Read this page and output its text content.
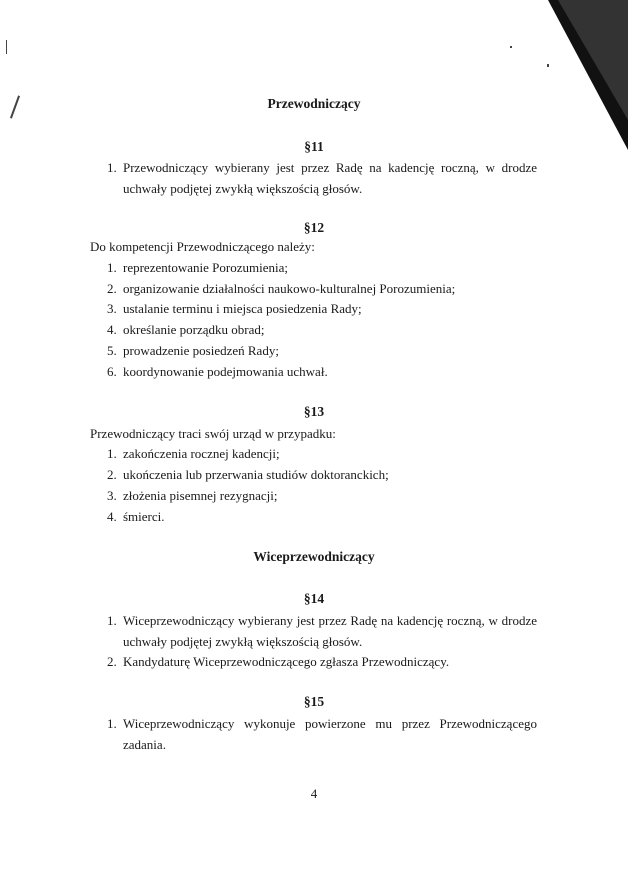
Przewodniczący
§11
1. Przewodniczący wybierany jest przez Radę na kadencję roczną, w drodze
uchwały podjętej zwykłą większością głosów.
§12
Do kompetencji Przewodniczącego należy:
1. reprezentowanie Porozumienia;
2. organizowanie działalności naukowo-kulturalnej Porozumienia;
3. ustalanie terminu i miejsca posiedzenia Rady;
4. określanie porządku obrad;
5. prowadzenie posiedzeń Rady;
6. koordynowanie podejmowania uchwał.
§13
Przewodniczący traci swój urząd w przypadku:
1. zakończenia rocznej kadencji;
2. ukończenia lub przerwania studiów doktoranckich;
3. złożenia pisemnej rezygnacji;
4. śmierci.
Wiceprzewodniczący
§14
1. Wiceprzewodniczący wybierany jest przez Radę na kadencję roczną, w drodze
uchwały podjętej zwykłą większością głosów.
2. Kandydaturę Wiceprzewodniczącego zgłasza Przewodniczący.
§15
1. Wiceprzewodniczący wykonuje powierzone mu przez Przewodniczącego
zadania.
4
